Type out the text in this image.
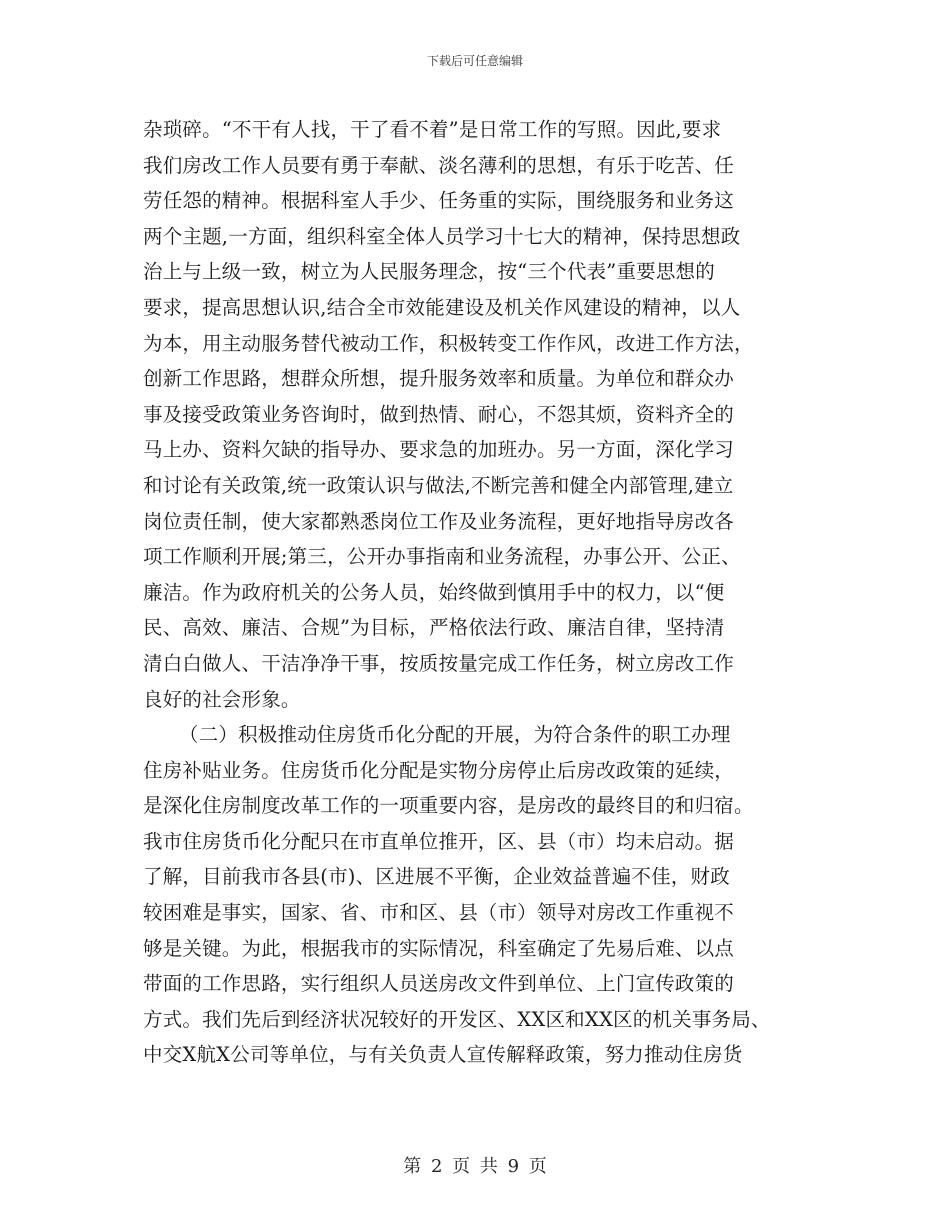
下载后可任意编辑
杂琐碎。“不干有人找，干了看不着”是日常工作的写照。因此,要求
我们房改工作人员要有勇于奉献、淡名薄利的思想，有乐于吃苦、任
劳任怨的精神。根据科室人手少、任务重的实际，围绕服务和业务这
两个主题,一方面，组织科室全体人员学习十七大的精神，保持思想政
治上与上级一致，树立为人民服务理念，按“三个代表”重要思想的
要求，提高思想认识,结合全市效能建设及机关作风建设的精神，以人
为本，用主动服务替代被动工作，积极转变工作作风，改进工作方法，
创新工作思路，想群众所想，提升服务效率和质量。为单位和群众办
事及接受政策业务咨询时，做到热情、耐心，不怨其烦，资料齐全的
马上办、资料欠缺的指导办、要求急的加班办。另一方面，深化学习
和讨论有关政策,统一政策认识与做法,不断完善和健全内部管理,建立
岗位责任制，使大家都熟悉岗位工作及业务流程，更好地指导房改各
项工作顺利开展;第三，公开办事指南和业务流程，办事公开、公正、
廉洁。作为政府机关的公务人员，始终做到慎用手中的权力，以“便
民、高效、廉洁、合规”为目标，严格依法行政、廉洁自律，坚持清
清白白做人、干洁净净干事，按质按量完成工作任务，树立房改工作
良好的社会形象。
（二）积极推动住房货币化分配的开展，为符合条件的职工办理
住房补贴业务。住房货币化分配是实物分房停止后房改政策的延续，
是深化住房制度改革工作的一项重要内容，是房改的最终目的和归宿。
我市住房货币化分配只在市直单位推开，区、县（市）均未启动。据
了解，目前我市各县(市)、区进展不平衡，企业效益普遍不佳，财政
较困难是事实，国家、省、市和区、县（市）领导对房改工作重视不
够是关键。为此，根据我市的实际情况，科室确定了先易后难、以点
带面的工作思路，实行组织人员送房改文件到单位、上门宣传政策的
方式。我们先后到经济状况较好的开发区、XX区和XX区的机关事务局、
中交X航X公司等单位，与有关负责人宣传解释政策，努力推动住房货
第 2 页 共 9 页
